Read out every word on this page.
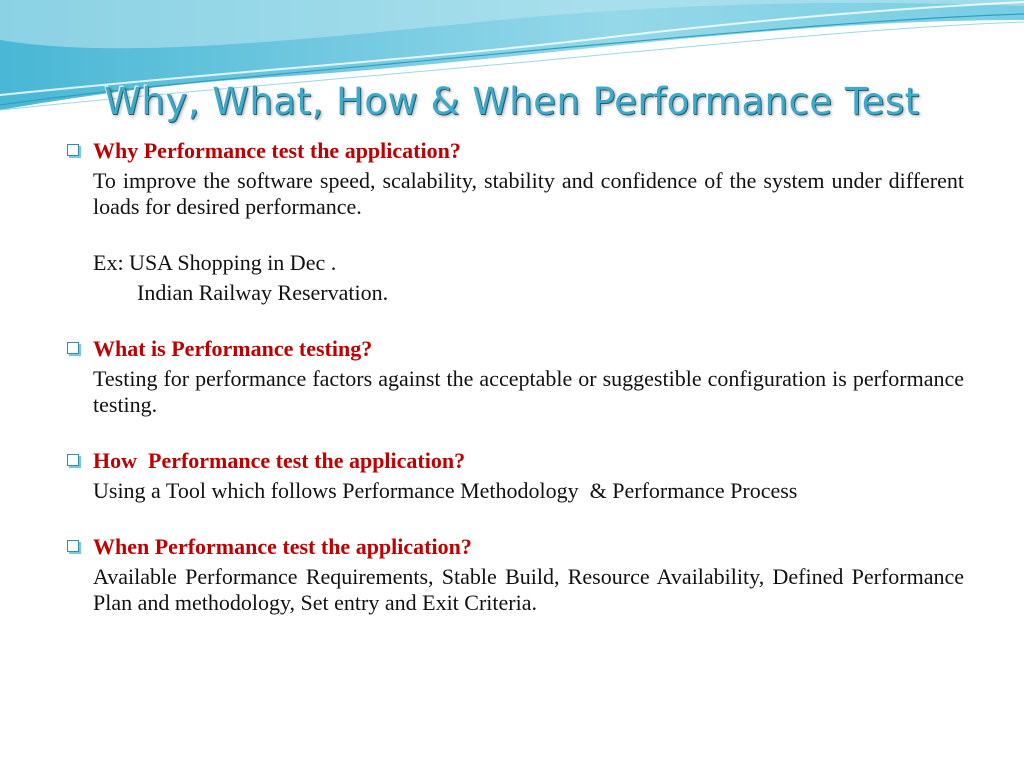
Why, What, How & When Performance Test

Why Performance test the application?

To improve the software speed, scalability, stability and confidence of the system under different loads for desired performance.

Ex: USA Shopping in Dec .

Indian Railway Reservation.

What is Performance testing?

Testing for performance factors against the acceptable or suggestible configuration is performance testing.

How  Performance test the application?

Using a Tool which follows Performance Methodology  & Performance Process

When Performance test the application?

Available Performance Requirements, Stable Build, Resource Availability, Defined Performance Plan and methodology, Set entry and Exit Criteria.
